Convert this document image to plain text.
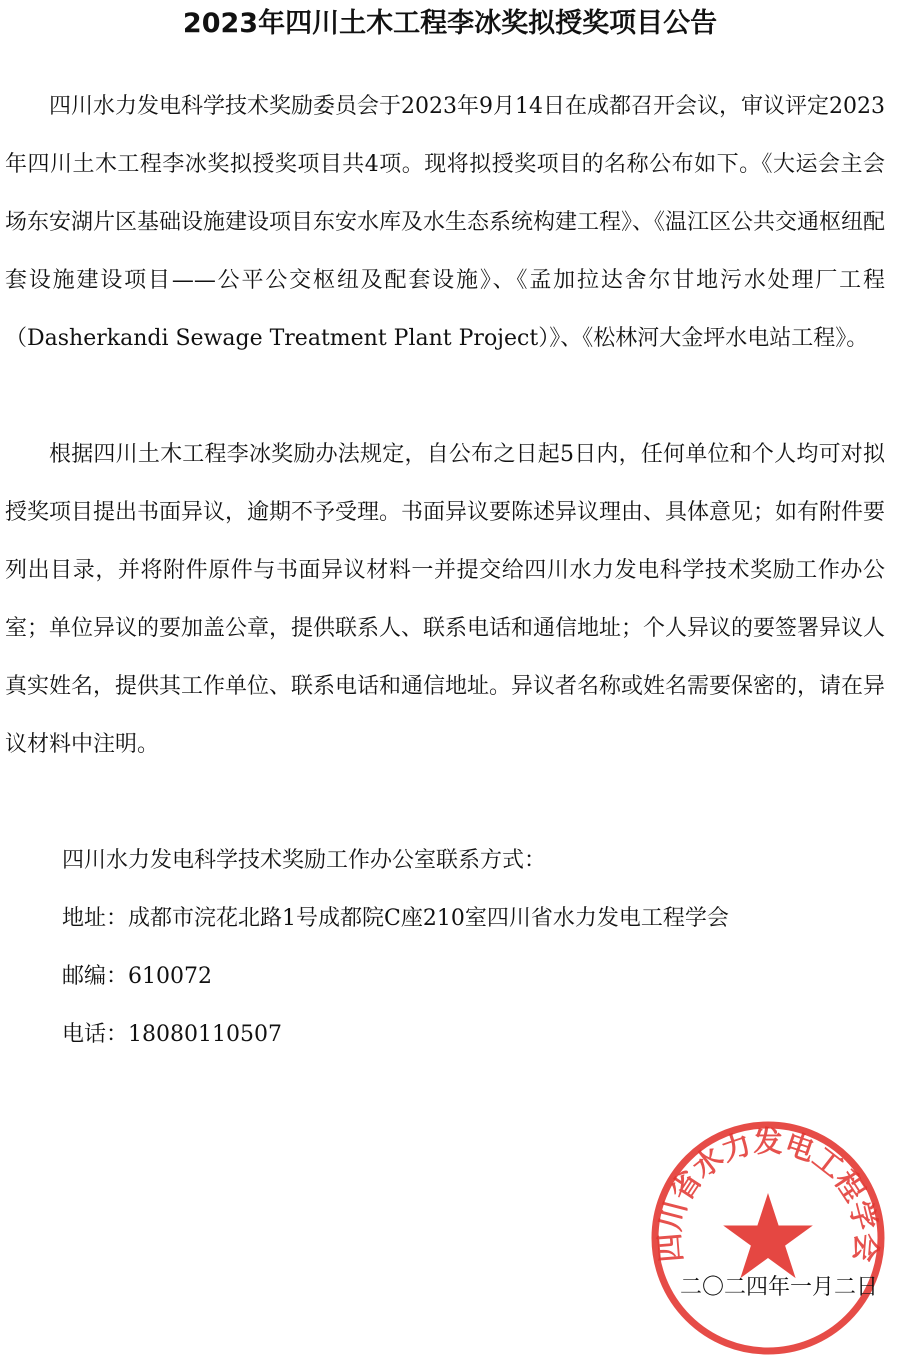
2023年四川土木工程李冰奖拟授奖项目公告

四川水力发电科学技术奖励委员会于2023年9月14日在成都召开会议，审议评定2023年四川土木工程李冰奖拟授奖项目共4项。现将拟授奖项目的名称公布如下。《大运会主会场东安湖片区基础设施建设项目东安水库及水生态系统构建工程》、《温江区公共交通枢纽配套设施建设项目——公平公交枢纽及配套设施》、《孟加拉达舍尔甘地污水处理厂工程（Dasherkandi Sewage Treatment Plant Project）》、《松林河大金坪水电站工程》。

根据四川土木工程李冰奖励办法规定，自公布之日起5日内，任何单位和个人均可对拟授奖项目提出书面异议，逾期不予受理。书面异议要陈述异议理由、具体意见；如有附件要列出目录，并将附件原件与书面异议材料一并提交给四川水力发电科学技术奖励工作办公室；单位异议的要加盖公章，提供联系人、联系电话和通信地址；个人异议的要签署异议人真实姓名，提供其工作单位、联系电话和通信地址。异议者名称或姓名需要保密的，请在异议材料中注明。

四川水力发电科学技术奖励工作办公室联系方式：

地址：成都市浣花北路1号成都院C座210室四川省水力发电工程学会

邮编：610072

电话：18080110507

四川省水力发电工程学会

二〇二四年一月二日
